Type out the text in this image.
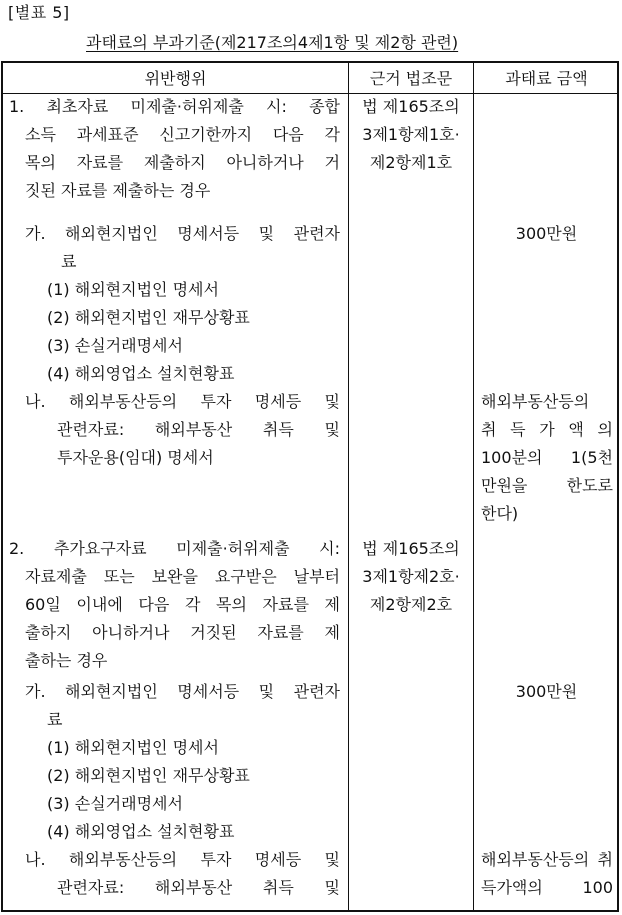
[별표 5]
과태료의 부과기준(제217조의4제1항 및 제2항 관련)
위반행위	근거 법조문	과태료 금액
1. 최초자료 미제출·허위제출 시: 종합
소득 과세표준 신고기한까지 다음 각
목의 자료를 제출하지 아니하거나 거
짓된 자료를 제출하는 경우
법 제165조의
3제1항제1호·
제2항제1호
가. 해외현지법인 명세서등 및 관련자
료
(1) 해외현지법인 명세서
(2) 해외현지법인 재무상황표
(3) 손실거래명세서
(4) 해외영업소 설치현황표
300만원
나. 해외부동산등의 투자 명세등 및
관련자료: 해외부동산 취득 및
투자운용(임대) 명세서
해외부동산등의
취 득 가 액 의
100분의 1(5천
만원을 한도로
한다)
2. 추가요구자료 미제출·허위제출 시:
자료제출 또는 보완을 요구받은 날부터
60일 이내에 다음 각 목의 자료를 제
출하지 아니하거나 거짓된 자료를 제
출하는 경우
법 제165조의
3제1항제2호·
제2항제2호
가. 해외현지법인 명세서등 및 관련자
료
(1) 해외현지법인 명세서
(2) 해외현지법인 재무상황표
(3) 손실거래명세서
(4) 해외영업소 설치현황표
300만원
나. 해외부동산등의 투자 명세등 및
관련자료: 해외부동산 취득 및
해외부동산등의 취
득가액의 100
